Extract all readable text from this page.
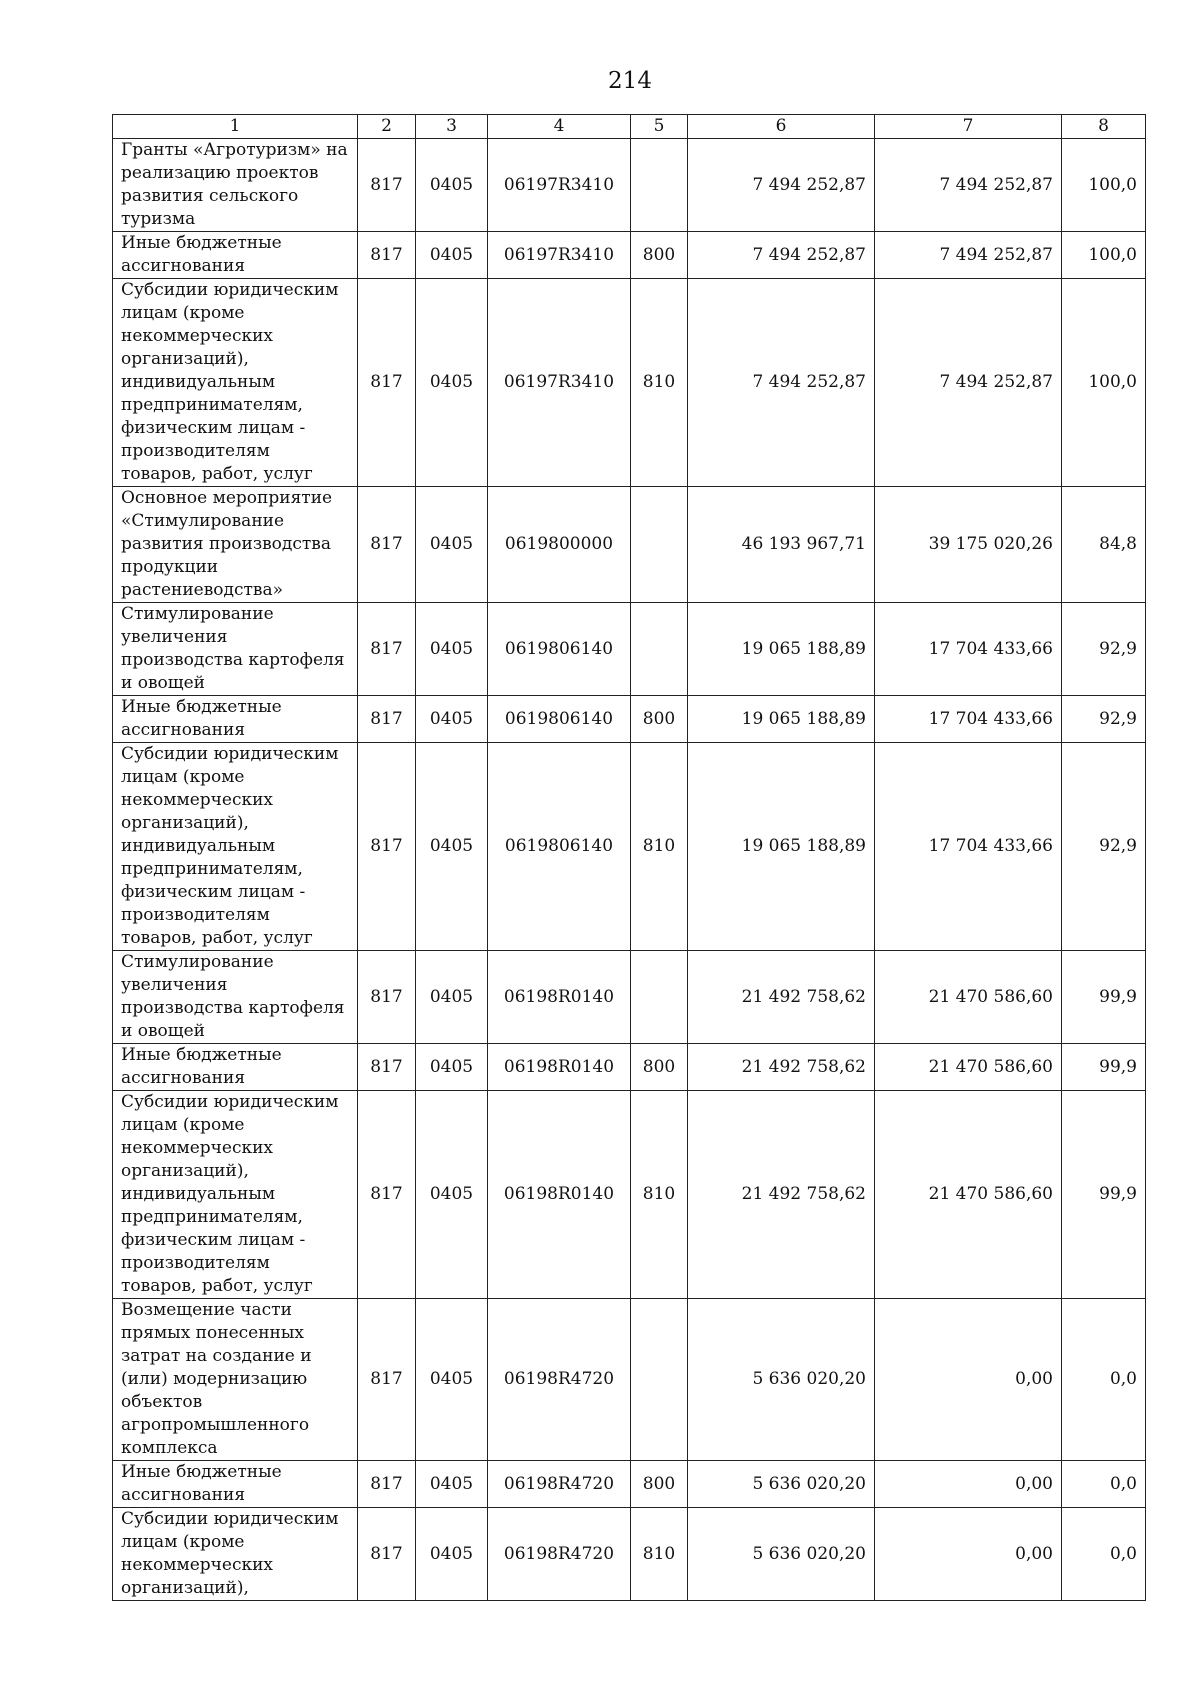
214
1	2	3	4	5	6	7	8
Гранты «Агротуризм» на реализацию проектов развития сельского туризма	817	0405	06197R3410		7 494 252,87	7 494 252,87	100,0
Иные бюджетные ассигнования	817	0405	06197R3410	800	7 494 252,87	7 494 252,87	100,0
Субсидии юридическим лицам (кроме некоммерческих организаций), индивидуальным предпринимателям, физическим лицам - производителям товаров, работ, услуг	817	0405	06197R3410	810	7 494 252,87	7 494 252,87	100,0
Основное мероприятие «Стимулирование развития производства продукции растениеводства»	817	0405	0619800000		46 193 967,71	39 175 020,26	84,8
Стимулирование увеличения производства картофеля и овощей	817	0405	0619806140		19 065 188,89	17 704 433,66	92,9
Иные бюджетные ассигнования	817	0405	0619806140	800	19 065 188,89	17 704 433,66	92,9
Субсидии юридическим лицам (кроме некоммерческих организаций), индивидуальным предпринимателям, физическим лицам - производителям товаров, работ, услуг	817	0405	0619806140	810	19 065 188,89	17 704 433,66	92,9
Стимулирование увеличения производства картофеля и овощей	817	0405	06198R0140		21 492 758,62	21 470 586,60	99,9
Иные бюджетные ассигнования	817	0405	06198R0140	800	21 492 758,62	21 470 586,60	99,9
Субсидии юридическим лицам (кроме некоммерческих организаций), индивидуальным предпринимателям, физическим лицам - производителям товаров, работ, услуг	817	0405	06198R0140	810	21 492 758,62	21 470 586,60	99,9
Возмещение части прямых понесенных затрат на создание и (или) модернизацию объектов агропромышленного комплекса	817	0405	06198R4720		5 636 020,20	0,00	0,0
Иные бюджетные ассигнования	817	0405	06198R4720	800	5 636 020,20	0,00	0,0
Субсидии юридическим лицам (кроме некоммерческих организаций),	817	0405	06198R4720	810	5 636 020,20	0,00	0,0
